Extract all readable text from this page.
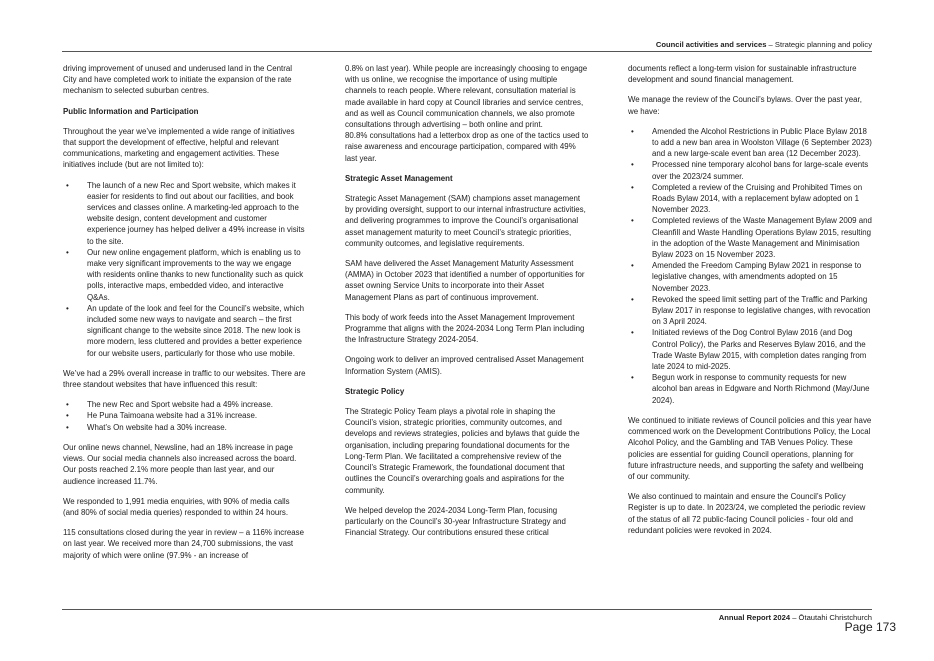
Council activities and services – Strategic planning and policy

driving improvement of unused and underused land in the Central City and have completed work to initiate the expansion of the rate mechanism to selected suburban centres.

Public Information and Participation

Throughout the year we’ve implemented a wide range of initiatives that support the development of effective, helpful and relevant communications, marketing and engagement activities. These initiatives include (but are not limited to):

• The launch of a new Rec and Sport website, which makes it easier for residents to find out about our facilities, and book services and classes online. A marketing-led approach to the website design, content development and customer experience journey has helped deliver a 49% increase in visits to the site.
• Our new online engagement platform, which is enabling us to make very significant improvements to the way we engage with residents online thanks to new functionality such as quick polls, interactive maps, embedded video, and interactive Q&As.
• An update of the look and feel for the Council’s website, which included some new ways to navigate and search – the first significant change to the website since 2018. The new look is more modern, less cluttered and provides a better experience for our website users, particularly for those who use mobile.

We’ve had a 29% overall increase in traffic to our websites. There are three standout websites that have influenced this result:

• The new Rec and Sport website had a 49% increase.
• He Puna Taimoana website had a 31% increase.
• What’s On website had a 30% increase.

Our online news channel, Newsline, had an 18% increase in page views. Our social media channels also increased across the board. Our posts reached 2.1% more people than last year, and our audience increased 11.7%.

We responded to 1,991 media enquiries, with 90% of media calls (and 80% of social media queries) responded to within 24 hours.

115 consultations closed during the year in review – a 116% increase on last year. We received more than 24,700 submissions, the vast majority of which were online (97.9% - an increase of

0.8% on last year). While people are increasingly choosing to engage with us online, we recognise the importance of using multiple channels to reach people. Where relevant, consultation material is made available in hard copy at Council libraries and service centres, and as well as Council communication channels, we also promote consultations through advertising – both online and print.

80.8% consultations had a letterbox drop as one of the tactics used to raise awareness and encourage participation, compared with 49% last year.

Strategic Asset Management

Strategic Asset Management (SAM) champions asset management by providing oversight, support to our internal infrastructure activities, and delivering programmes to improve the Council’s organisational asset management maturity to meet Council’s strategic priorities, community outcomes, and legislative requirements.

SAM have delivered the Asset Management Maturity Assessment (AMMA) in October 2023 that identified a number of opportunities for asset owning Service Units to incorporate into their Asset Management Plans as part of continuous improvement.

This body of work feeds into the Asset Management Improvement Programme that aligns with the 2024-2034 Long Term Plan including the Infrastructure Strategy 2024-2054.

Ongoing work to deliver an improved centralised Asset Management Information System (AMIS).

Strategic Policy

The Strategic Policy Team plays a pivotal role in shaping the Council’s vision, strategic priorities, community outcomes, and develops and reviews strategies, policies and bylaws that guide the organisation, including preparing foundational documents for the Long-Term Plan. We facilitated a comprehensive review of the Council’s Strategic Framework, the foundational document that outlines the Council’s overarching goals and aspirations for the community.

We helped develop the 2024-2034 Long-Term Plan, focusing particularly on the Council’s 30-year Infrastructure Strategy and Financial Strategy. Our contributions ensured these critical

documents reflect a long-term vision for sustainable infrastructure development and sound financial management.

We manage the review of the Council’s bylaws. Over the past year, we have:

• Amended the Alcohol Restrictions in Public Place Bylaw 2018 to add a new ban area in Woolston Village (6 September 2023) and a new large-scale event ban area (12 December 2023).
• Processed nine temporary alcohol bans for large-scale events over the 2023/24 summer.
• Completed a review of the Cruising and Prohibited Times on Roads Bylaw 2014, with a replacement bylaw adopted on 1 November 2023.
• Completed reviews of the Waste Management Bylaw 2009 and Cleanfill and Waste Handling Operations Bylaw 2015, resulting in the adoption of the Waste Management and Minimisation Bylaw 2023 on 15 November 2023.
• Amended the Freedom Camping Bylaw 2021 in response to legislative changes, with amendments adopted on 15 November 2023.
• Revoked the speed limit setting part of the Traffic and Parking Bylaw 2017 in response to legislative changes, with revocation on 3 April 2024.
• Initiated reviews of the Dog Control Bylaw 2016 (and Dog Control Policy), the Parks and Reserves Bylaw 2016, and the Trade Waste Bylaw 2015, with completion dates ranging from late 2024 to mid-2025.
• Begun work in response to community requests for new alcohol ban areas in Edgware and North Richmond (May/June 2024).

We continued to initiate reviews of Council policies and this year have commenced work on the Development Contributions Policy, the Local Alcohol Policy, and the Gambling and TAB Venues Policy. These policies are essential for guiding Council operations, planning for future infrastructure needs, and supporting the safety and wellbeing of our community.

We also continued to maintain and ensure the Council’s Policy Register is up to date. In 2023/24, we completed the periodic review of the status of all 72 public-facing Council policies - four old and redundant policies were revoked in 2024.

Annual Report 2024 – Ōtautahi Christchurch
Page 173
